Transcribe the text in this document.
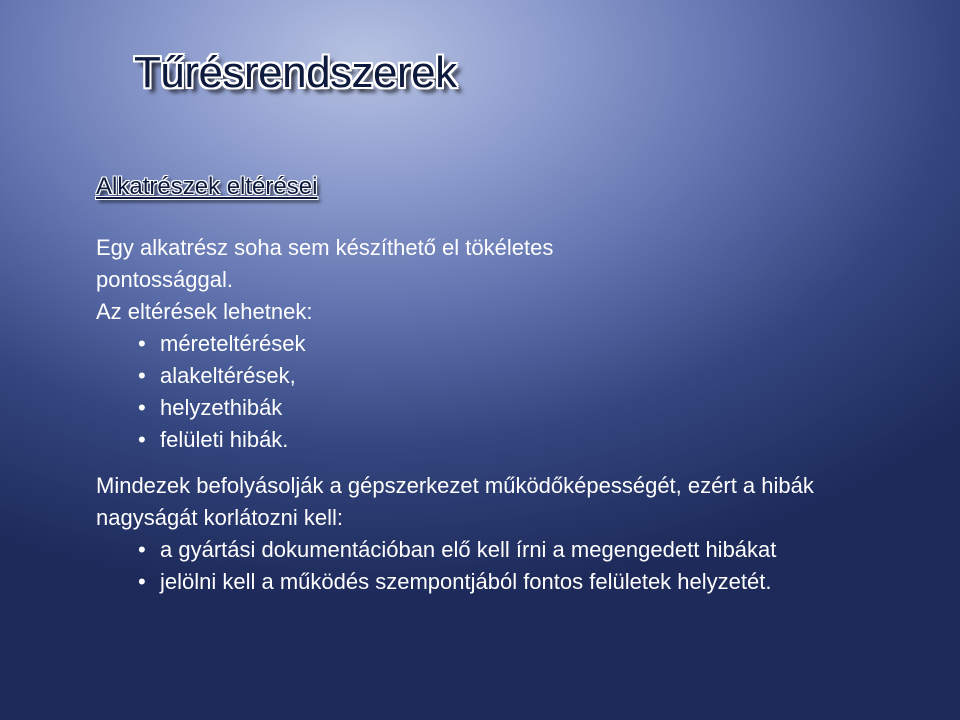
Tűrésrendszerek
Alkatrészek eltérései

Egy alkatrész soha sem készíthető el tökéletes pontossággal.

Az eltérések lehetnek:

• méreteltérések
• alakeltérések,
• helyzethibák
• felületi hibák.

Mindezek befolyásolják a gépszerkezet működőképességét, ezért a hibák nagyságát korlátozni kell:

• a gyártási dokumentációban elő kell írni a megengedett hibákat
• jelölni kell a működés szempontjából fontos felületek helyzetét.
